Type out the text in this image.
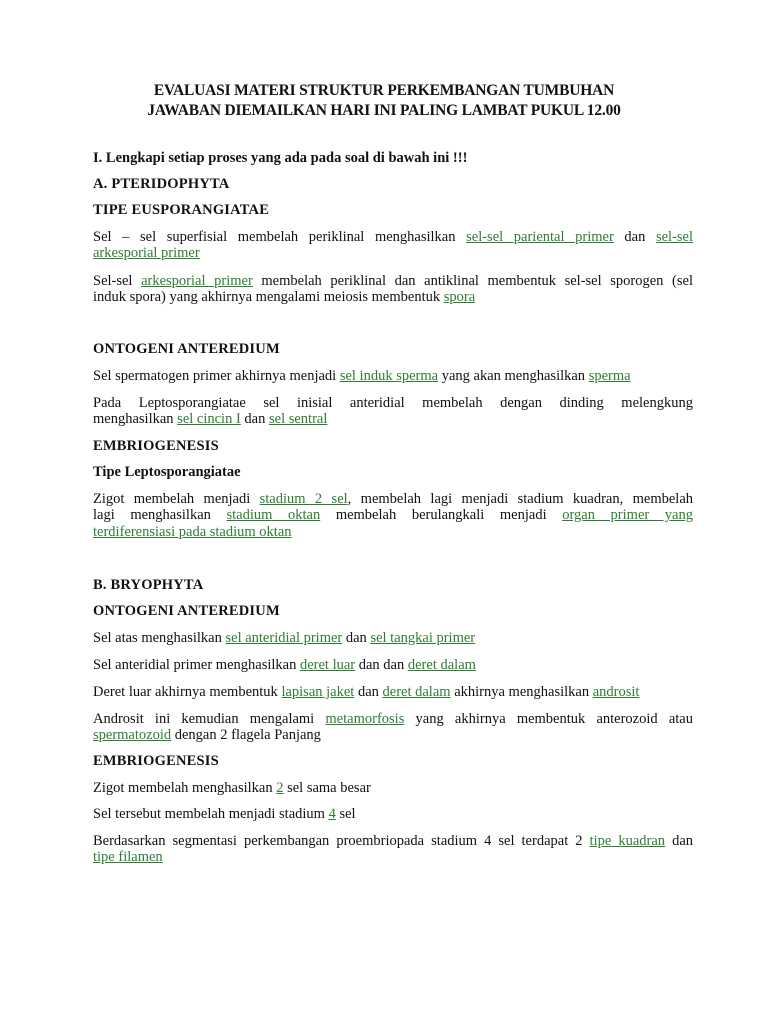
EVALUASI MATERI STRUKTUR PERKEMBANGAN TUMBUHAN
JAWABAN DIEMAILKAN HARI INI PALING LAMBAT PUKUL 12.00
I. Lengkapi setiap proses yang ada pada soal di bawah ini !!!
A. PTERIDOPHYTA
TIPE EUSPORANGIATAE
Sel – sel superfisial membelah periklinal menghasilkan sel-sel pariental primer dan sel-sel
arkesporial primer
Sel-sel arkesporial primer membelah periklinal dan antiklinal membentuk sel-sel sporogen (sel
induk spora) yang akhirnya mengalami meiosis membentuk spora
ONTOGENI ANTEREDIUM
Sel spermatogen primer akhirnya menjadi sel induk sperma yang akan menghasilkan sperma
Pada Leptosporangiatae sel inisial anteridial membelah dengan dinding melengkung
menghasilkan sel cincin I dan sel sentral
EMBRIOGENESIS
Tipe Leptosporangiatae
Zigot membelah menjadi stadium 2 sel, membelah lagi menjadi stadium kuadran, membelah
lagi menghasilkan stadium oktan membelah berulangkali menjadi organ primer yang
terdiferensiasi pada stadium oktan
B. BRYOPHYTA
ONTOGENI ANTEREDIUM
Sel atas menghasilkan sel anteridial primer dan sel tangkai primer
Sel anteridial primer menghasilkan deret luar dan dan deret dalam
Deret luar akhirnya membentuk lapisan jaket dan deret dalam akhirnya menghasilkan androsit
Androsit ini kemudian mengalami metamorfosis yang akhirnya membentuk anterozoid atau
spermatozoid dengan 2 flagela Panjang
EMBRIOGENESIS
Zigot membelah menghasilkan 2 sel sama besar
Sel tersebut membelah menjadi stadium 4 sel
Berdasarkan segmentasi perkembangan proembriopada stadium 4 sel terdapat 2 tipe kuadran dan
tipe filamen
